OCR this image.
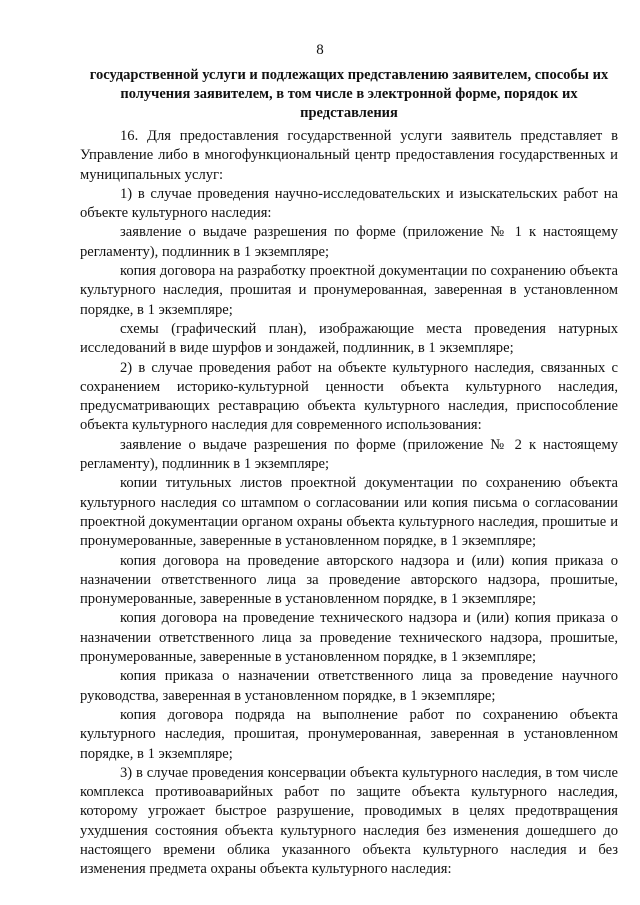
8
государственной услуги и подлежащих представлению заявителем, способы их получения заявителем, в том числе в электронной форме, порядок их представления

16. Для предоставления государственной услуги заявитель представляет в Управление либо в многофункциональный центр предоставления государственных и муниципальных услуг:

1) в случае проведения научно-исследовательских и изыскательских работ на объекте культурного наследия:

заявление о выдаче разрешения по форме (приложение № 1 к настоящему регламенту), подлинник в 1 экземпляре;

копия договора на разработку проектной документации по сохранению объекта культурного наследия, прошитая и пронумерованная, заверенная в установленном порядке, в 1 экземпляре;

схемы (графический план), изображающие места проведения натурных исследований в виде шурфов и зондажей, подлинник, в 1 экземпляре;

2) в случае проведения работ на объекте культурного наследия, связанных с сохранением историко-культурной ценности объекта культурного наследия, предусматривающих реставрацию объекта культурного наследия, приспособление объекта культурного наследия для современного использования:

заявление о выдаче разрешения по форме (приложение № 2 к настоящему регламенту), подлинник в 1 экземпляре;

копии титульных листов проектной документации по сохранению объекта культурного наследия со штампом о согласовании или копия письма о согласовании проектной документации органом охраны объекта культурного наследия, прошитые и пронумерованные, заверенные в установленном порядке, в 1 экземпляре;

копия договора на проведение авторского надзора и (или) копия приказа о назначении ответственного лица за проведение авторского надзора, прошитые, пронумерованные, заверенные в установленном порядке, в 1 экземпляре;

копия договора на проведение технического надзора и (или) копия приказа о назначении ответственного лица за проведение технического надзора, прошитые, пронумерованные, заверенные в установленном порядке, в 1 экземпляре;

копия приказа о назначении ответственного лица за проведение научного руководства, заверенная в установленном порядке, в 1 экземпляре;

копия договора подряда на выполнение работ по сохранению объекта культурного наследия, прошитая, пронумерованная, заверенная в установленном порядке, в 1 экземпляре;

3) в случае проведения консервации объекта культурного наследия, в том числе комплекса противоаварийных работ по защите объекта культурного наследия, которому угрожает быстрое разрушение, проводимых в целях предотвращения ухудшения состояния объекта культурного наследия без изменения дошедшего до настоящего времени облика указанного объекта культурного наследия и без изменения предмета охраны объекта культурного наследия:
